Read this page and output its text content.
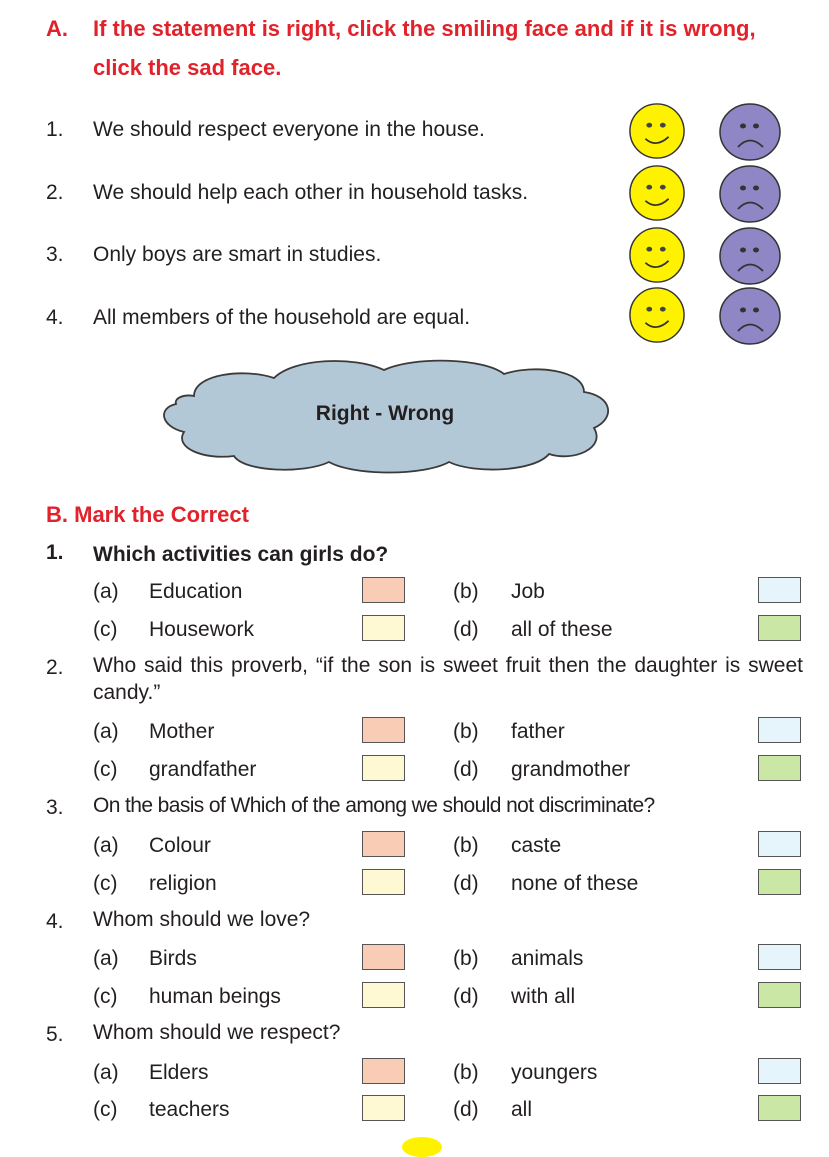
A. If the statement is right, click the smiling face and if it is wrong,
click the sad face.
1. We should respect everyone in the house.
2. We should help each other in household tasks.
3. Only boys are smart in studies.
4. All members of the household are equal.
Right - Wrong
B. Mark the Correct
1. Which activities can girls do?
(a) Education	(b) Job
(c) Housework	(d) all of these
2. Who said this proverb, “if the son is sweet fruit then the daughter is sweet candy.”
(a) Mother	(b) father
(c) grandfather	(d) grandmother
3. On the basis of Which of the among we should not discriminate?
(a) Colour	(b) caste
(c) religion	(d) none of these
4. Whom should we love?
(a) Birds	(b) animals
(c) human beings	(d) with all
5. Whom should we respect?
(a) Elders	(b) youngers
(c) teachers	(d) all
